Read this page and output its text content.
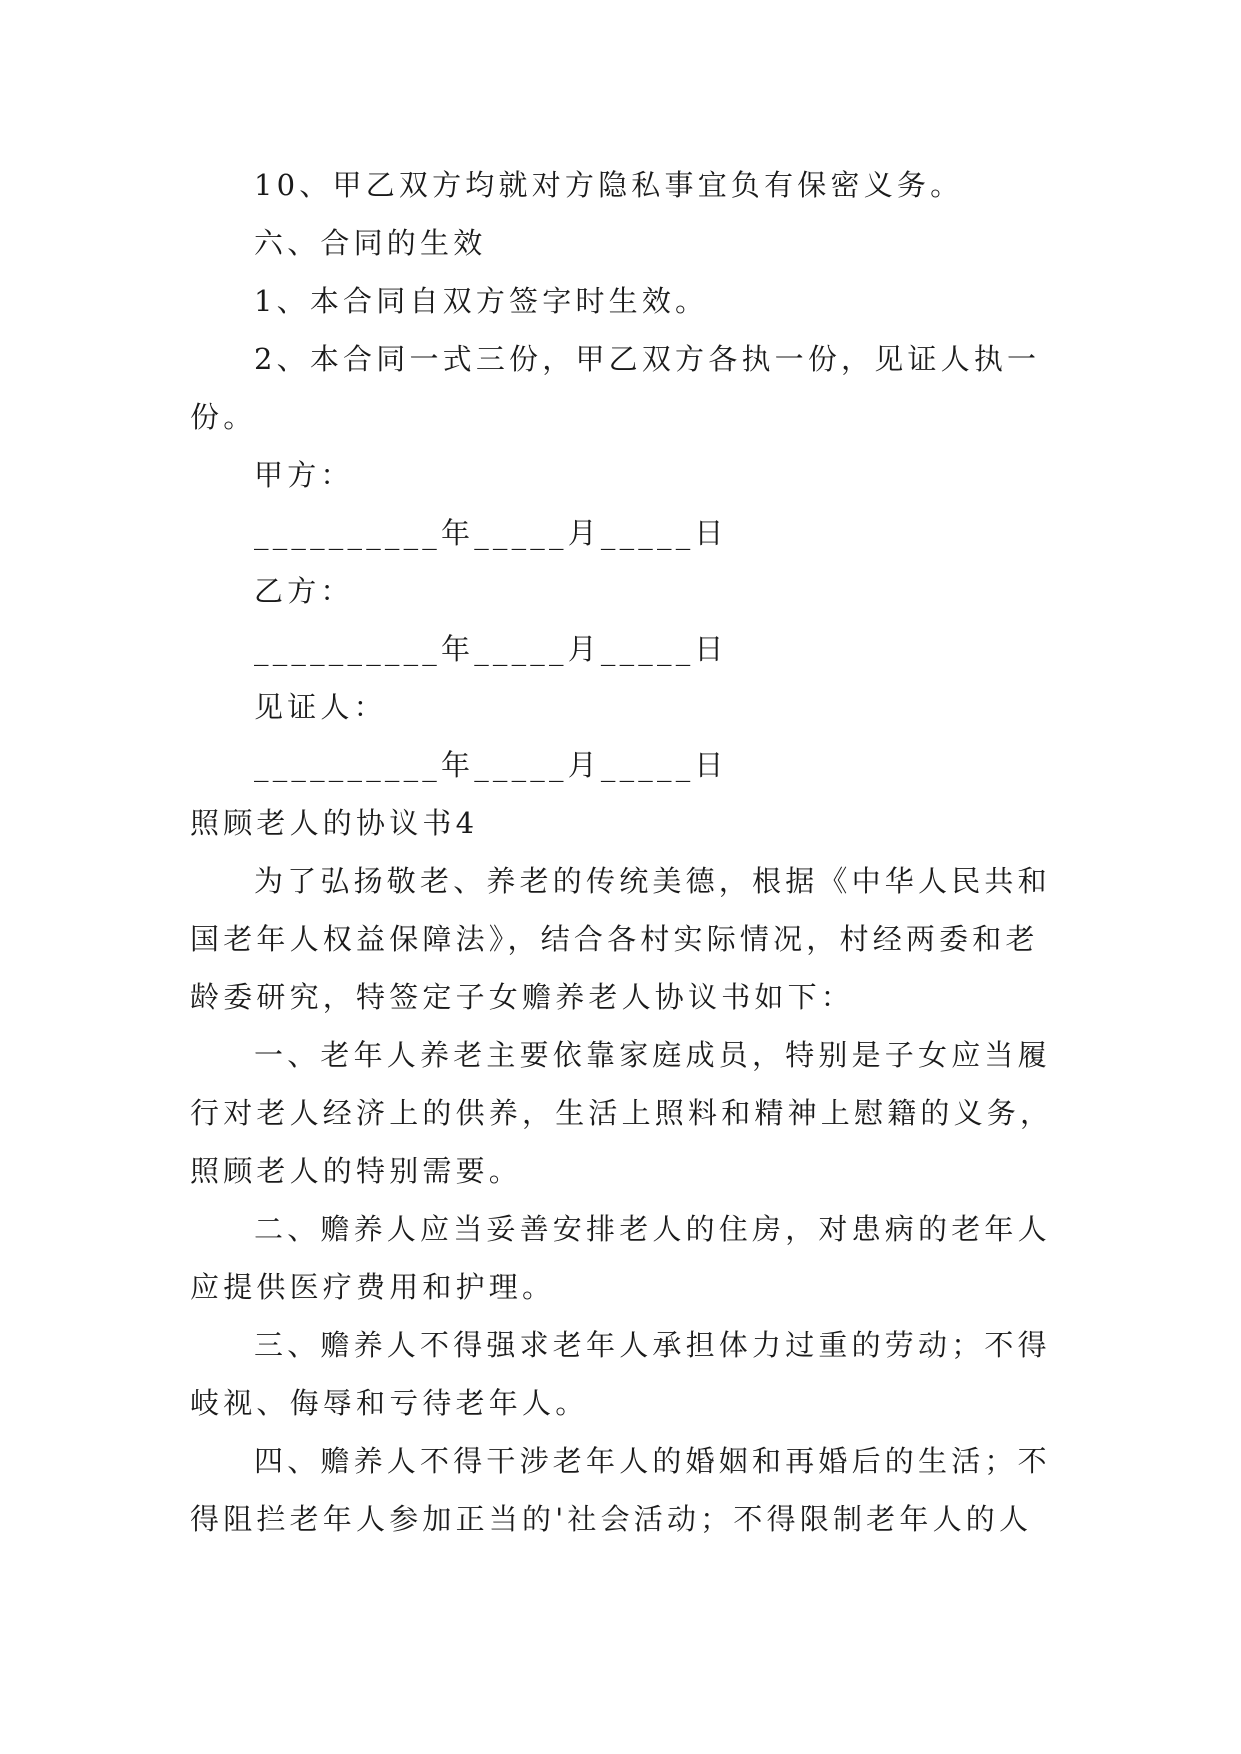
10、甲乙双方均就对方隐私事宜负有保密义务。
六、合同的生效
1、本合同自双方签字时生效。
2、本合同一式三份，甲乙双方各执一份，见证人执一
份。
甲方：
__________年_____月_____日
乙方：
__________年_____月_____日
见证人：
__________年_____月_____日
照顾老人的协议书4
为了弘扬敬老、养老的传统美德，根据《中华人民共和
国老年人权益保障法》，结合各村实际情况，村经两委和老
龄委研究，特签定子女赡养老人协议书如下：
一、老年人养老主要依靠家庭成员，特别是子女应当履
行对老人经济上的供养，生活上照料和精神上慰籍的义务，
照顾老人的特别需要。
二、赡养人应当妥善安排老人的住房，对患病的老年人
应提供医疗费用和护理。
三、赡养人不得强求老年人承担体力过重的劳动；不得
岐视、侮辱和亏待老年人。
四、赡养人不得干涉老年人的婚姻和再婚后的生活；不
得阻拦老年人参加正当的'社会活动；不得限制老年人的人
